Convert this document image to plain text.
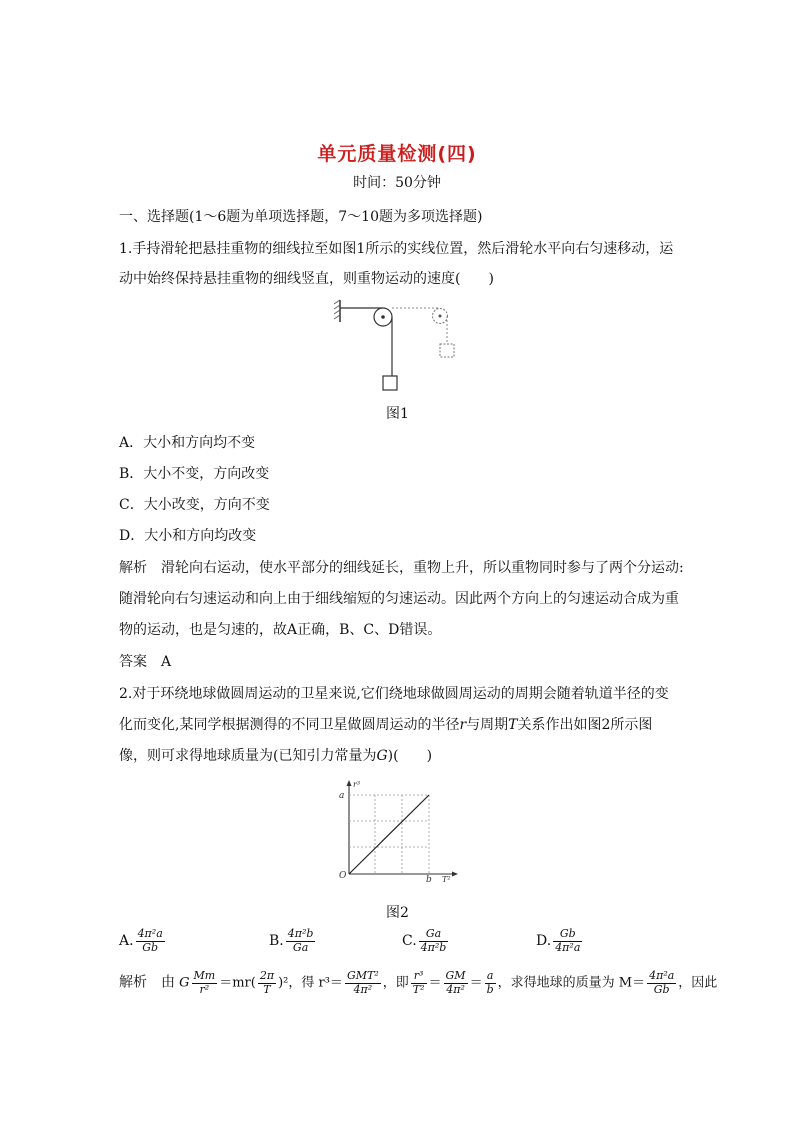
单元质量检测(四)
时间：50分钟
一、选择题(1～6题为单项选择题，7～10题为多项选择题)
1.手持滑轮把悬挂重物的细线拉至如图1所示的实线位置，然后滑轮水平向右匀速移动，运
动中始终保持悬挂重物的细线竖直，则重物运动的速度(　　)
图1
A．大小和方向均不变
B．大小不变，方向改变
C．大小改变，方向不变
D．大小和方向均改变
解析　滑轮向右运动，使水平部分的细线延长，重物上升，所以重物同时参与了两个分运动:
随滑轮向右匀速运动和向上由于细线缩短的匀速运动。因此两个方向上的匀速运动合成为重
物的运动，也是匀速的，故A正确，B、C、D错误。
答案　A
2.对于环绕地球做圆周运动的卫星来说,它们绕地球做圆周运动的周期会随着轨道半径的变
化而变化,某同学根据测得的不同卫星做圆周运动的半径r与周期T关系作出如图2所示图
像，则可求得地球质量为(已知引力常量为G)(　　)
r³
a
O	b T²
图2
A. $\frac{\text{4π²a}}{Gb}$	B. $\frac{\text{4π²b}}{Ga}$	C. $\frac{Ga}{\text{4π²b}}$	D. $\frac{Gb}{\text{4π²a}}$
解析　由 G $\frac{Mm}{\text{r²}} =mr( \frac{2\pi}{T} )^2$，得 $r^3= \frac{\text{GMT²}}{\text{4π²}}$ ，即 $\frac{\text{r³}}{\text{T²}} = \frac{GM}{\text{4π²}} = \frac{a}{b}$ ，求得地球的质量为 $M= \frac{\text{4π²a}}{Gb}$ ，因此
